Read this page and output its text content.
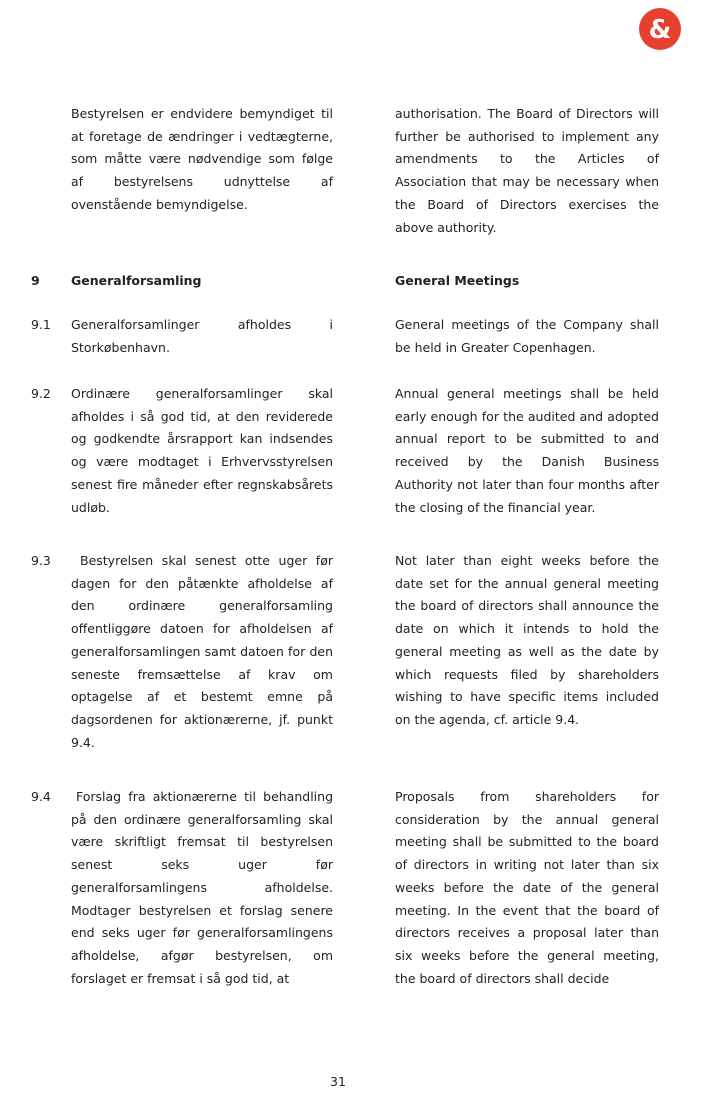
&

Bestyrelsen er endvidere bemyndiget til at foretage de ændringer i vedtægterne, som måtte være nødvendige som følge af bestyrelsens udnyttelse af ovenstående bemyndigelse.

authorisation. The Board of Directors will further be authorised to implement any amendments to the Articles of Association that may be necessary when the Board of Directors exercises the above authority.

9	Generalforsamling	General Meetings

9.1 Generalforsamlinger afholdes i Storkøbenhavn.

General meetings of the Company shall be held in Greater Copenhagen.

9.2 Ordinære generalforsamlinger skal afholdes i så god tid, at den reviderede og godkendte årsrapport kan indsendes og være modtaget i Erhvervsstyrelsen senest fire måneder efter regnskabsårets udløb.

Annual general meetings shall be held early enough for the audited and adopted annual report to be submitted to and received by the Danish Business Authority not later than four months after the closing of the financial year.

9.3	Bestyrelsen skal senest otte uger før dagen for den påtænkte afholdelse af den ordinære generalforsamling offentliggøre datoen for afholdelsen af generalforsamlingen samt datoen for den seneste fremsættelse af krav om optagelse af et bestemt emne på dagsordenen for aktionærerne, jf. punkt 9.4.

Not later than eight weeks before the date set for the annual general meeting the board of directors shall announce the date on which it intends to hold the general meeting as well as the date by which requests filed by shareholders wishing to have specific items included on the agenda, cf. article 9.4.

9.4	Forslag fra aktionærerne til behandling på den ordinære generalforsamling skal være skriftligt fremsat til bestyrelsen senest seks uger før generalforsamlingens afholdelse. Modtager bestyrelsen et forslag senere end seks uger før generalforsamlingens afholdelse, afgør bestyrelsen, om forslaget er fremsat i så god tid, at

Proposals from shareholders for consideration by the annual general meeting shall be submitted to the board of directors in writing not later than six weeks before the date of the general meeting. In the event that the board of directors receives a proposal later than six weeks before the general meeting, the board of directors shall decide

31
